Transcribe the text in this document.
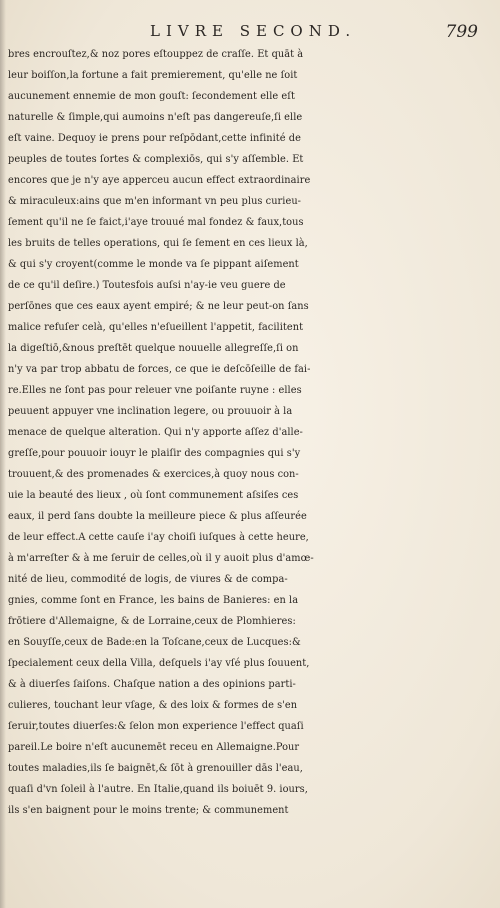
LIVRE SECOND.	799
bres encrouſtez,& noz pores eſtouppez de craſſe. Et quāt à
leur boiſſon,la fortune a fait premierement, qu'elle ne ſoit
aucunement ennemie de mon gouſt: ſecondement elle eſt
naturelle & ſimple,qui aumoins n'eſt pas dangereuſe,ſi elle
eſt vaine. Dequoy ie prens pour reſpōdant,cette infinité de
peuples de toutes ſortes & complexiōs, qui s'y aſſemble. Et
encores que je n'y aye apperceu aucun effect extraordinaire
& miraculeux:ains que m'en informant vn peu plus curieu-
ſement qu'il ne ſe faict,i'aye trouué mal fondez & faux,tous
les bruits de telles operations, qui ſe ſement en ces lieux là,
& qui s'y croyent(comme le monde va ſe pippant aiſement
de ce qu'il deſire.) Toutesfois auſsi n'ay-ie veu guere de
perſōnes que ces eaux ayent empiré; & ne leur peut-on ſans
malice refuſer celà, qu'elles n'eſueillent l'appetit, facilitent
la digeſtiō,&nous preſtēt quelque nouuelle allegreſſe,ſi on
n'y va par trop abbatu de forces, ce que ie deſcōſeille de fai-
re.Elles ne ſont pas pour releuer vne poiſante ruyne : elles
peuuent appuyer vne inclination legere, ou prouuoir à la
menace de quelque alteration. Qui n'y apporte aſſez d'alle-
greſſe,pour pouuoir iouyr le plaiſir des compagnies qui s'y
trouuent,& des promenades & exercices,à quoy nous con-
uie la beauté des lieux , où ſont communement aſsiſes ces
eaux, il perd ſans doubte la meilleure piece & plus aſſeurée
de leur effect.A cette cauſe i'ay choiſi iuſques à cette heure,
à m'arreſter & à me ſeruir de celles,où il y auoit plus d'amœ-
nité de lieu, commodité de logis, de viures & de compa-
gnies, comme ſont en France, les bains de Banieres: en la
frōtiere d'Allemaigne, & de Lorraine,ceux de Plomhieres:
en Souyſſe,ceux de Bade:en la Toſcane,ceux de Lucques:&
ſpecialement ceux della Villa, deſquels i'ay vſé plus ſouuent,
& à diuerſes ſaiſons. Chaſque nation a des opinions parti-
culieres, touchant leur vſage, & des loix & formes de s'en
ſeruir,toutes diuerſes:& ſelon mon experience l'effect quaſi
pareil.Le boire n'eſt aucunemēt receu en Allemaigne.Pour
toutes maladies,ils ſe baignēt,& ſōt à grenouiller dās l'eau,
quaſi d'vn ſoleil à l'autre. En Italie,quand ils boiuēt 9. iours,
ils s'en baignent pour le moins trente; & communement
